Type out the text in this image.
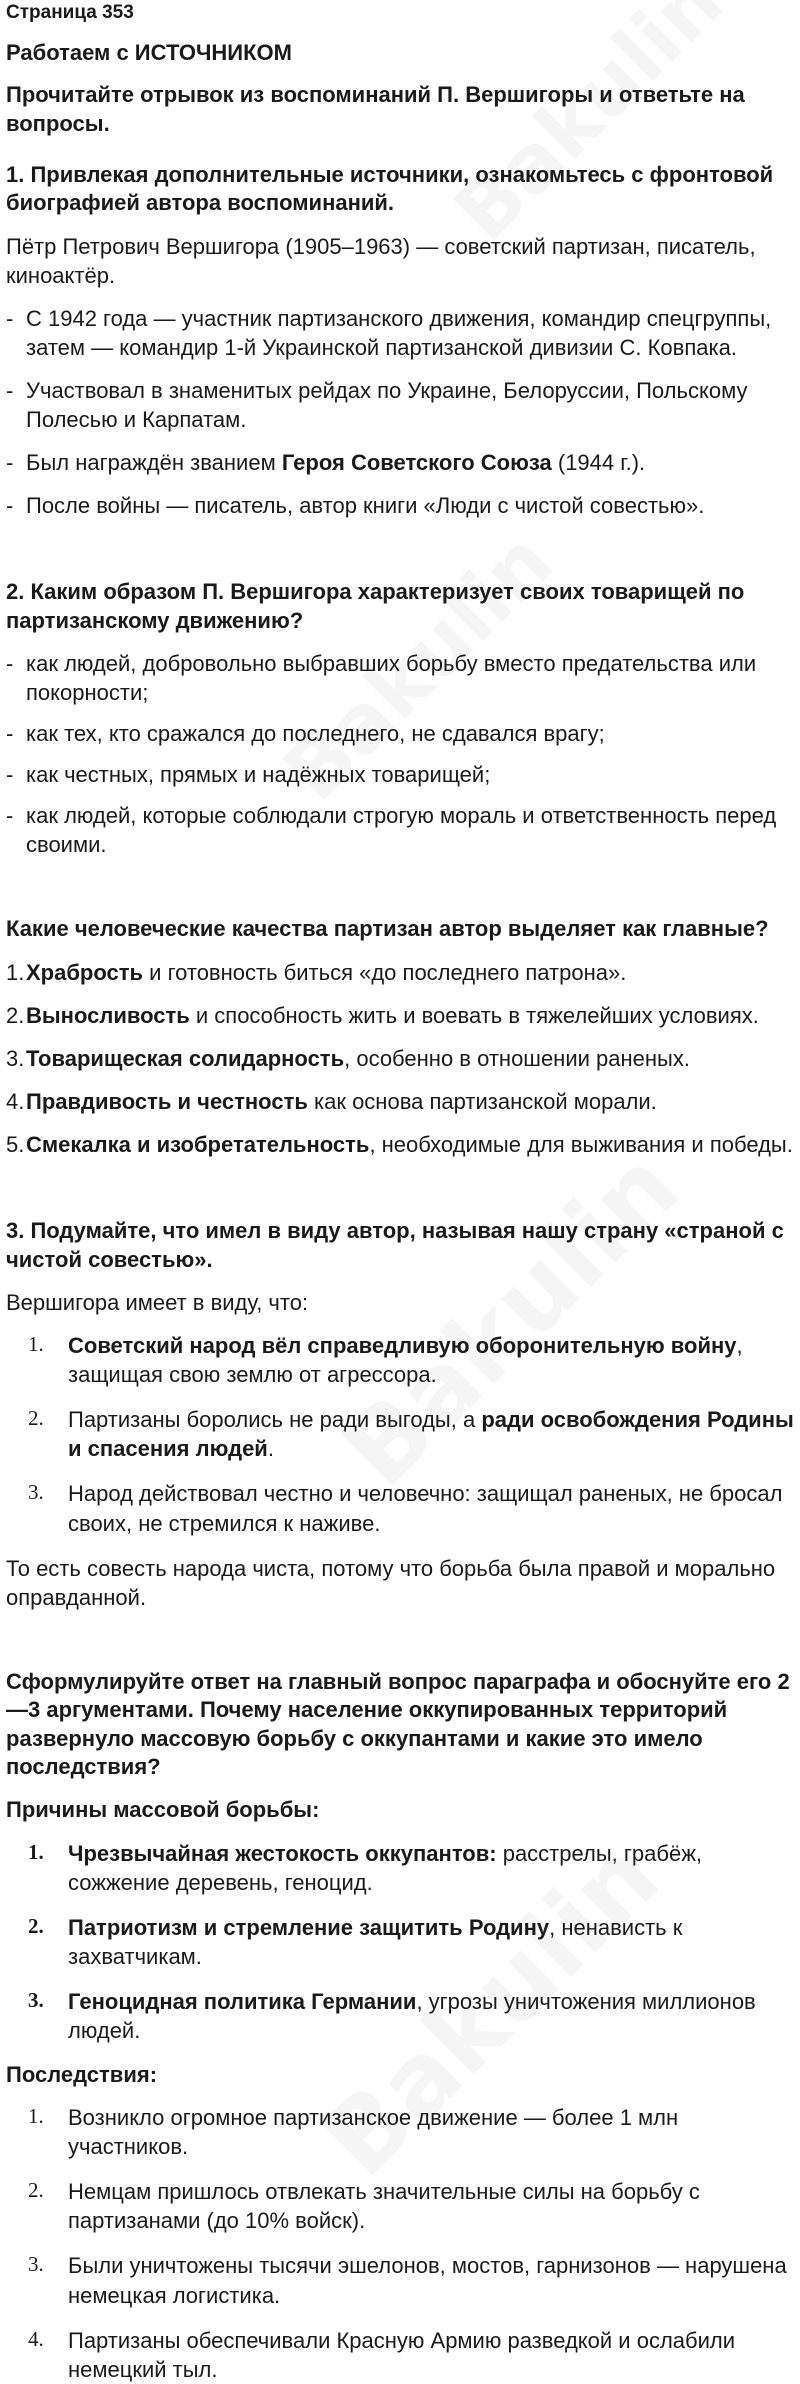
Страница 353
Работаем с ИСТОЧНИКОМ
Прочитайте отрывок из воспоминаний П. Вершигоры и ответьте на вопросы.
1. Привлекая дополнительные источники, ознакомьтесь с фронтовой биографией автора воспоминаний.

Пётр Петрович Вершигора (1905–1963) — советский партизан, писатель, киноактёр.

- С 1942 года — участник партизанского движения, командир спецгруппы, затем — командир 1-й Украинской партизанской дивизии С. Ковпака.
- Участвовал в знаменитых рейдах по Украине, Белоруссии, Польскому Полесью и Карпатам.
- Был награждён званием Героя Советского Союза (1944 г.).
- После войны — писатель, автор книги «Люди с чистой совестью».
2. Каким образом П. Вершигора характеризует своих товарищей по партизанскому движению?
- как людей, добровольно выбравших борьбу вместо предательства или покорности;
- как тех, кто сражался до последнего, не сдавался врагу;
- как честных, прямых и надёжных товарищей;
- как людей, которые соблюдали строгую мораль и ответственность перед своими.
Какие человеческие качества партизан автор выделяет как главные?
1. Храбрость и готовность биться «до последнего патрона».
2. Выносливость и способность жить и воевать в тяжелейших условиях.
3. Товарищеская солидарность, особенно в отношении раненых.
4. Правдивость и честность как основа партизанской морали.
5. Смекалка и изобретательность, необходимые для выживания и победы.
3. Подумайте, что имел в виду автор, называя нашу страну «страной с чистой совестью».

Вершигора имеет в виду, что:

1. Советский народ вёл справедливую оборонительную войну, защищая свою землю от агрессора.
2. Партизаны боролись не ради выгоды, а ради освобождения Родины и спасения людей.
3. Народ действовал честно и человечно: защищал раненых, не бросал своих, не стремился к наживе.

То есть совесть народа чиста, потому что борьба была правой и морально оправданной.

Сформулируйте ответ на главный вопрос параграфа и обоснуйте его 2—3 аргументами. Почему население оккупированных территорий развернуло массовую борьбу с оккупантами и какие это имело последствия?
Причины массовой борьбы:
1. Чрезвычайная жестокость оккупантов: расстрелы, грабёж, сожжение деревень, геноцид.
2. Патриотизм и стремление защитить Родину, ненависть к захватчикам.
3. Геноцидная политика Германии, угрозы уничтожения миллионов людей.
Последствия:
1. Возникло огромное партизанское движение — более 1 млн участников.
2. Немцам пришлось отвлекать значительные силы на борьбу с партизанами (до 10% войск).
3. Были уничтожены тысячи эшелонов, мостов, гарнизонов — нарушена немецкая логистика.
4. Партизаны обеспечивали Красную Армию разведкой и ослабили немецкий тыл.
